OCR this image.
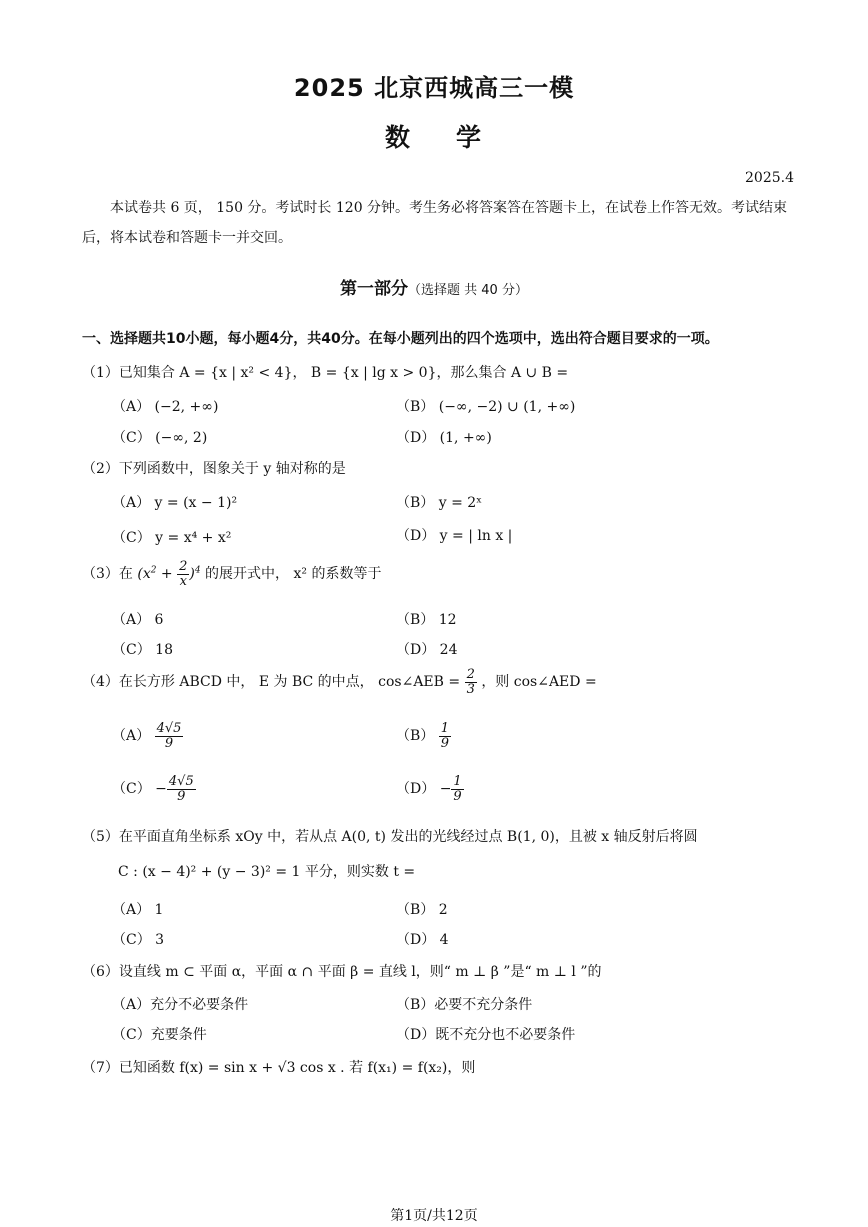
2025 北京西城高三一模
数 学
2025.4
本试卷共 6 页， 150 分。考试时长 120 分钟。考生务必将答案答在答题卡上，在试卷上作答无效。考试结束后，将本试卷和答题卡一并交回。
第一部分（选择题 共 40 分）
一、选择题共10小题，每小题4分，共40分。在每小题列出的四个选项中，选出符合题目要求的一项。
（1）已知集合 A = {x | x² < 4}， B = {x | lg x > 0}，那么集合 A ∪ B =
（A） (−2, +∞)	（B） (−∞, −2) ∪ (1, +∞)
（C） (−∞, 2)	（D） (1, +∞)
（2）下列函数中，图象关于 y 轴对称的是
（A） y = (x − 1)²	（B） y = 2ˣ
（C） y = x⁴ + x²	（D） y = | ln x |
（3）在 $(x^2 + \frac{2}{x} )^4$ 的展开式中， x² 的系数等于
（A） 6	（B） 12
（C） 18	（D） 24
（4）在长方形 ABCD 中， E 为 BC 的中点， cos∠AEB = $\frac{2}{3}$ ，则 cos∠AED =
$(A) \frac{4√5}{9}$	$(B) \frac{1}{9}$
$(C) - \frac{4√5}{9}$	$(D) - \frac{1}{9}$
（5）在平面直角坐标系 xOy 中，若从点 A(0, t) 发出的光线经过点 B(1, 0)，且被 x 轴反射后将圆
C : (x − 4)² + (y − 3)² = 1 平分，则实数 t =
（A） 1	（B） 2
（C） 3	（D） 4
（6）设直线 m ⊂ 平面 α，平面 α ∩ 平面 β = 直线 l，则“ m ⊥ β ”是“ m ⊥ l ”的
（A）充分不必要条件	（B）必要不充分条件
（C）充要条件	（D）既不充分也不必要条件
（7）已知函数 f(x) = sin x + √3 cos x . 若 f(x₁) = f(x₂)，则
第1页/共12页
